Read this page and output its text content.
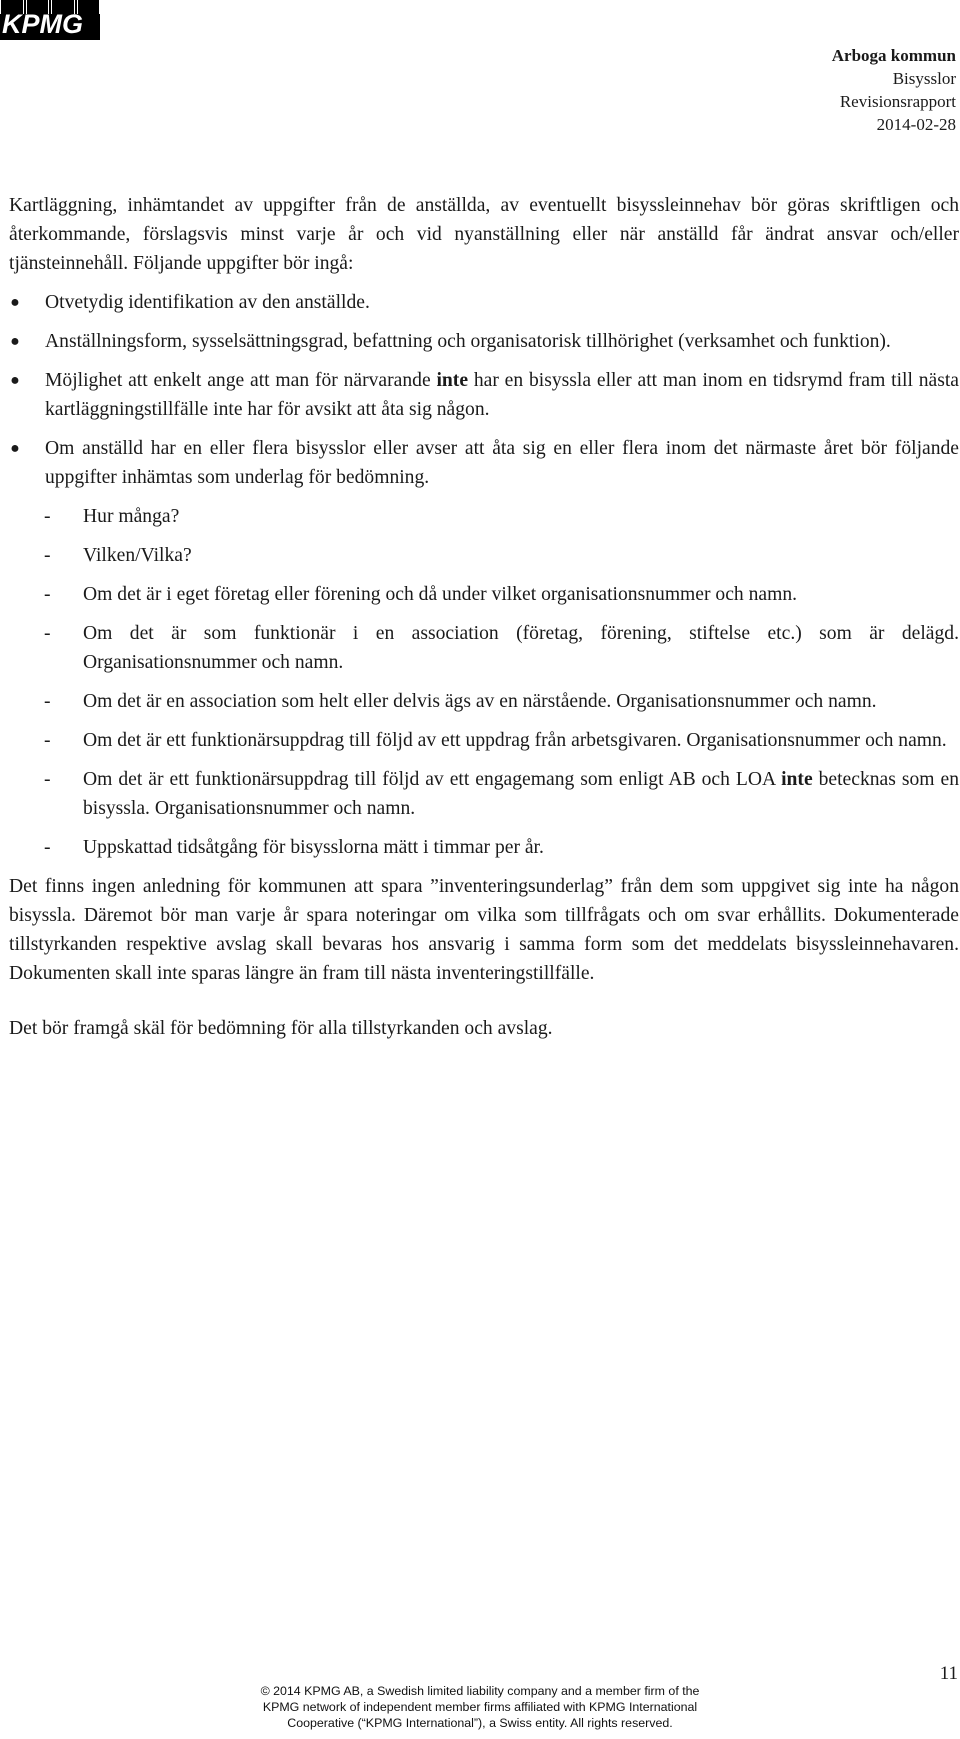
KPMG
Arboga kommun
Bisysslor
Revisionsrapport
2014-02-28

Kartläggning, inhämtandet av uppgifter från de anställda, av eventuellt bisyssleinnehav bör göras skriftligen och återkommande, förslagsvis minst varje år och vid nyanställning eller när anställd får ändrat ansvar och/eller tjänsteinnehåll. Följande uppgifter bör ingå:

● Otvetydig identifikation av den anställde.
● Anställningsform, sysselsättningsgrad, befattning och organisatorisk tillhörighet (verksamhet och funktion).
● Möjlighet att enkelt ange att man för närvarande inte har en bisyssla eller att man inom en tidsrymd fram till nästa kartläggningstillfälle inte har för avsikt att åta sig någon.
● Om anställd har en eller flera bisysslor eller avser att åta sig en eller flera inom det närmaste året bör följande uppgifter inhämtas som underlag för bedömning.
- Hur många?
- Vilken/Vilka?
- Om det är i eget företag eller förening och då under vilket organisationsnummer och namn.
- Om det är som funktionär i en association (företag, förening, stiftelse etc.) som är delägd. Organisationsnummer och namn.
- Om det är en association som helt eller delvis ägs av en närstående. Organisationsnummer och namn.
- Om det är ett funktionärsuppdrag till följd av ett uppdrag från arbetsgivaren. Organisationsnummer och namn.
- Om det är ett funktionärsuppdrag till följd av ett engagemang som enligt AB och LOA inte betecknas som en bisyssla. Organisationsnummer och namn.
- Uppskattad tidsåtgång för bisysslorna mätt i timmar per år.

Det finns ingen anledning för kommunen att spara ”inventeringsunderlag” från dem som uppgivet sig inte ha någon bisyssla. Däremot bör man varje år spara noteringar om vilka som tillfrågats och om svar erhållits. Dokumenterade tillstyrkanden respektive avslag skall bevaras hos ansvarig i samma form som det meddelats bisyssleinnehavaren. Dokumenten skall inte sparas längre än fram till nästa inventeringstillfälle.

Det bör framgå skäl för bedömning för alla tillstyrkanden och avslag.

11
© 2014 KPMG AB, a Swedish limited liability company and a member firm of the
KPMG network of independent member firms affiliated with KPMG International
Cooperative (“KPMG International”), a Swiss entity. All rights reserved.
